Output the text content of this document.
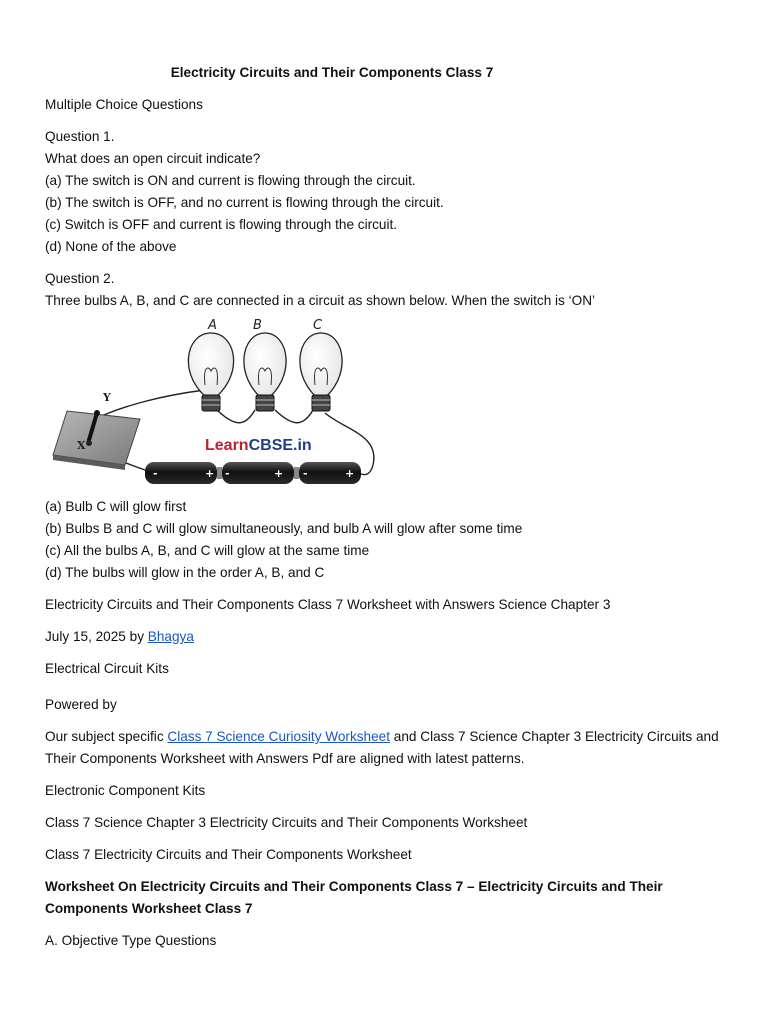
Electricity Circuits and Their Components Class 7

Multiple Choice Questions

Question 1.

What does an open circuit indicate?

(a) The switch is ON and current is flowing through the circuit.

(b) The switch is OFF, and no current is flowing through the circuit.

(c) Switch is OFF and current is flowing through the circuit.

(d) None of the above

Question 2.

Three bulbs A, B, and C are connected in a circuit as shown below. When the switch is ‘ON’

A	B	C
Y
X	LearnCBSE.in
-	+ -	+ -	+

(a) Bulb C will glow first

(b) Bulbs B and C will glow simultaneously, and bulb A will glow after some time

(c) All the bulbs A, B, and C will glow at the same time

(d) The bulbs will glow in the order A, B, and C

Electricity Circuits and Their Components Class 7 Worksheet with Answers Science Chapter 3

July 15, 2025 by Bhagya

Electrical Circuit Kits

Powered by

Our subject specific Class 7 Science Curiosity Worksheet and Class 7 Science Chapter 3 Electricity Circuits and Their Components Worksheet with Answers Pdf are aligned with latest patterns.

Electronic Component Kits

Class 7 Science Chapter 3 Electricity Circuits and Their Components Worksheet

Class 7 Electricity Circuits and Their Components Worksheet

Worksheet On Electricity Circuits and Their Components Class 7 – Electricity Circuits and Their Components Worksheet Class 7

A. Objective Type Questions
